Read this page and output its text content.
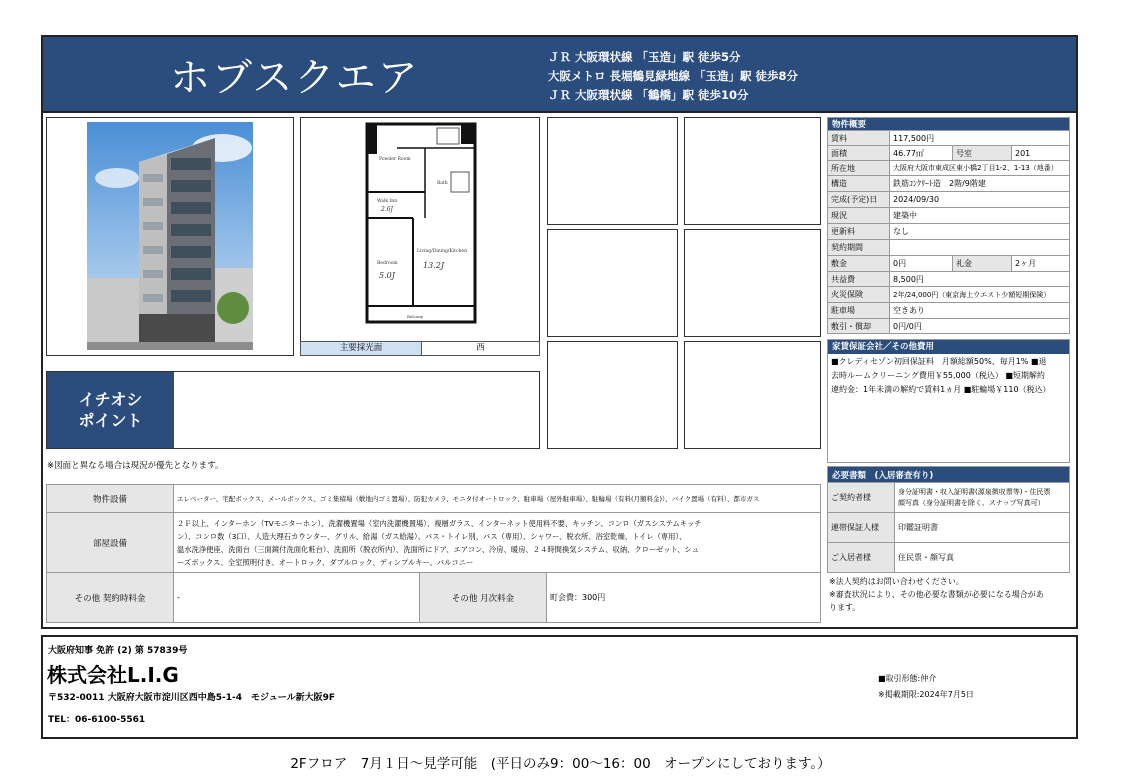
ホブスクエア	ＪＲ 大阪環状線 「玉造」駅 徒歩5分
大阪メトロ 長堀鶴見緑地線 「玉造」駅 徒歩8分
ＪＲ 大阪環状線 「鶴橋」駅 徒歩10分
Powder Room
Walk Inn
2.6J
Bath
Living/Dining/Kitchen
13.2J
Bedroom
5.0J
Balcony
主要採光面	西
イチオシ
ポイント
※図面と異なる場合は現況が優先となります。
物件概要			
賃料	117,500円		
面積	46.77㎡	号室	201
所在地	大阪府大阪市東成区東小橋2丁目1-2、1-13（地番）		
構造	鉄筋ｺﾝｸﾘｰﾄ造　2階/9階建		
完成(予定)日	2024/09/30		
現況	建築中		
更新料	なし		
契約期間			
敷金	0円	礼金	2ヶ月
共益費	8,500円		
火災保険	2年/24,000円（東京海上ウエスト少額短期保険）		
駐車場	空きあり		
敷引・償却	0円/0円		
家賃保証会社／その他費用
■クレディセゾン初回保証料　月額総額50%、毎月1% ■退
去時ルームクリーニング費用￥55,000（税込） ■短期解約
違約金：1年未満の解約で賃料1ヵ月 ■駐輪場￥110（税込）
必要書類　(入居審査有り)	
ご契約者様	身分証明書・収入証明書(源泉徴収票等)・住民票
顔写真（身分証明書を除く、スナップ写真可）

連帯保証人様	印鑑証明書
ご入居者様	住民票・顔写真
※法人契約はお問い合わせください。
※審査状況により、その他必要な書類が必要になる場合があ
ります。
物件設備	エレベーター、宅配ボックス、メールボックス、ゴミ集積場（敷地内ゴミ置場）、防犯カメラ、モニタ付オートロック、駐車場（屋外駐車場）、駐輪場（有料(月額料金)）、バイク置場（有料）、都市ガス		
部屋設備	２Ｆ以上、インターホン（TVモニターホン）、洗濯機置場（室内洗濯機置場）、複層ガラス、インターネット使用料不要、キッチン、コンロ（ガスシステムキッチ
ン）、コンロ数（3口）、人造大理石カウンター、グリル、給湯（ガス給湯）、バス・トイレ別、バス（専用）、シャワー、脱衣所、浴室乾燥、トイレ（専用）、
温水洗浄便座、洗面台（三面鏡付洗面化粧台）、洗面所（脱衣所内）、洗面所にドア、エアコン、冷房、暖房、２４時間換気システム、収納、クローゼット、シュ
ーズボックス、全室照明付き、オートロック、ダブルロック、ディンプルキー、バルコニー		

その他 契約時料金	-	その他 月次料金	町会費：300円
大阪府知事 免許 (2) 第 57839号
株式会社L.I.G
〒532-0011 大阪府大阪市淀川区西中島5-1-4　モジュール新大阪9F
TEL：06-6100-5561
■取引形態:仲介
※掲載期限:2024年7月5日
2Fフロア　7月１日～見学可能　(平日のみ9：00～16：00　オープンにしております。）
